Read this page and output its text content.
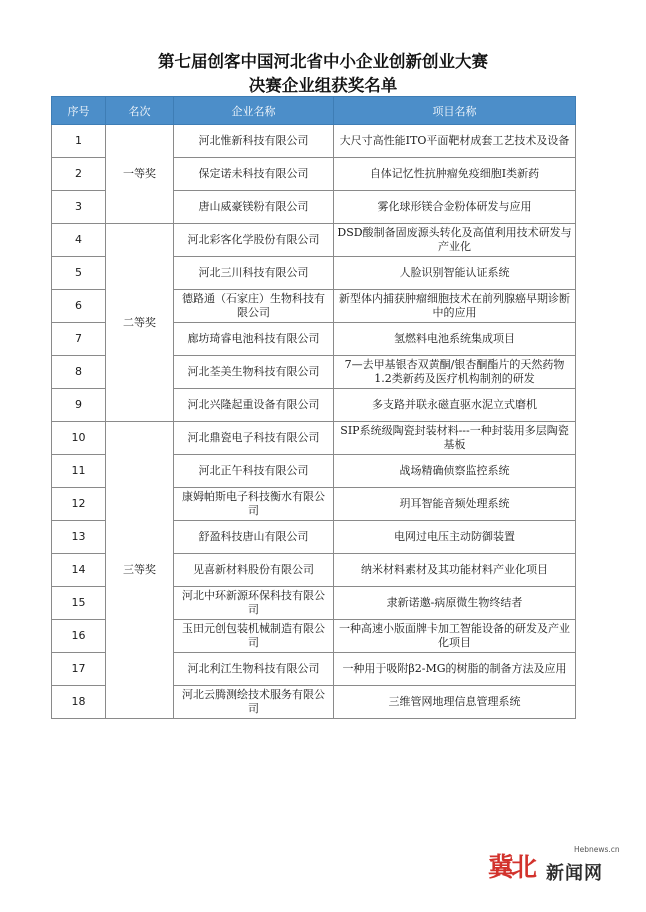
第七届创客中国河北省中小企业创新创业大赛
决赛企业组获奖名单
序号	名次	企业名称	项目名称
1	一等奖	河北惟新科技有限公司	大尺寸高性能ITO平面靶材成套工艺技术及设备
2		保定诺未科技有限公司	自体记忆性抗肿瘤免疫细胞Ⅰ类新药
3		唐山威豪镁粉有限公司	雾化球形镁合金粉体研发与应用
4	二等奖	河北彩客化学股份有限公司	DSD酸制备固废源头转化及高值利用技术研发与产业化
5		河北三川科技有限公司	人脸识别智能认证系统
6		德路通（石家庄）生物科技有限公司	新型体内捕获肿瘤细胞技术在前列腺癌早期诊断中的应用
7		廊坊琦睿电池科技有限公司	氢燃料电池系统集成项目
8		河北荃美生物科技有限公司	7—去甲基银杏双黄酮/银杏酮酯片的天然药物1.2类新药及医疗机构制剂的研发
9		河北兴隆起重设备有限公司	多支路并联永磁直驱水泥立式磨机
10	三等奖	河北鼎瓷电子科技有限公司	SIP系统级陶瓷封装材料---一种封装用多层陶瓷基板
11		河北正午科技有限公司	战场精确侦察监控系统
12		康姆帕斯电子科技衡水有限公司	玥耳智能音频处理系统
13		舒盈科技唐山有限公司	电网过电压主动防御装置
14		见喜新材料股份有限公司	纳米材料素材及其功能材料产业化项目
15		河北中环新源环保科技有限公司	隶新诺邀-病原微生物终结者
16		玉田元创包装机械制造有限公司	一种高速小版面牌卡加工智能设备的研发及产业化项目
17		河北利江生物科技有限公司	一种用于吸附β2-MG的树脂的制备方法及应用
18		河北云腾测绘技术服务有限公司	三维管网地理信息管理系统
Hebnews.cn
冀北 新闻网
